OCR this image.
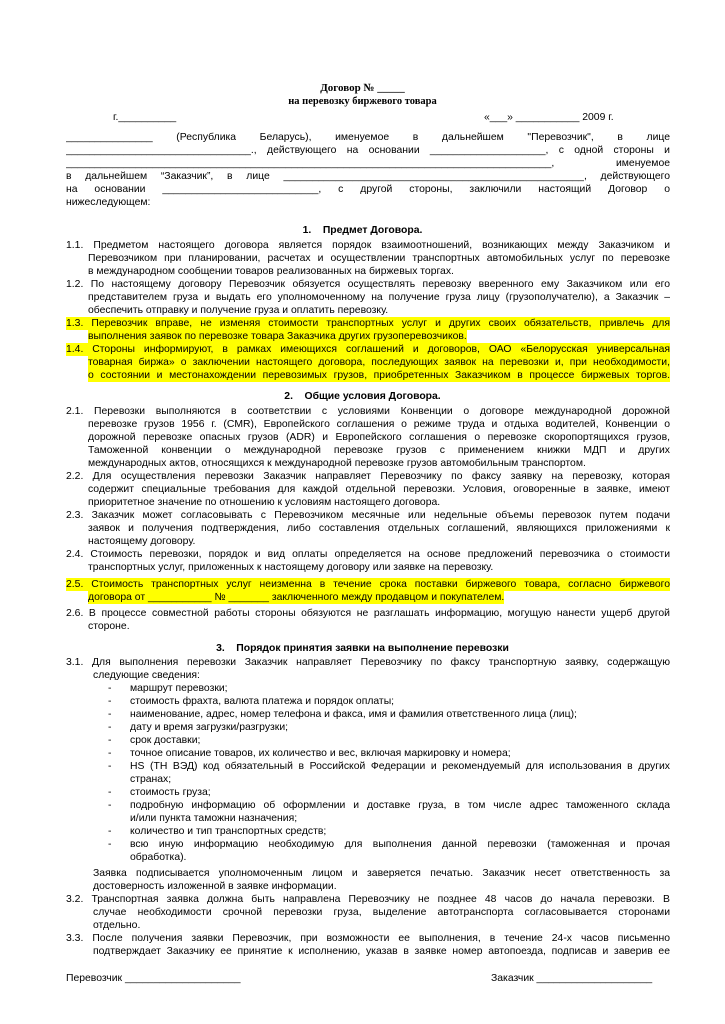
Договор № _____
на перевозку биржевого товара
г.__________	«___» ___________ 2009 г.
_______________ (Республика Беларусь), именуемое в дальнейшем "Перевозчик", в лице
________________________________., действующего на основании ____________________, с одной стороны и
____________________________________________________________________________________, именуемое
в дальнейшем “Заказчик”, в лице ____________________________________________________, действующего
на основании ___________________________, с другой стороны, заключили настоящий Договор о
нижеследующем:
1.    Предмет Договора.
1.1. Предметом настоящего договора является порядок взаимоотношений, возникающих между Заказчиком и
Перевозчиком при планировании, расчетах и осуществлении транспортных автомобильных услуг по перевозке
в международном сообщении товаров реализованных на биржевых торгах.
1.2. По настоящему договору Перевозчик обязуется осуществлять перевозку вверенного ему Заказчиком или его
представителем груза и выдать его уполномоченному на получение груза лицу (грузополучателю), а Заказчик –
обеспечить отправку и получение груза и оплатить перевозку.
1.3. Перевозчик вправе, не изменяя стоимости транспортных услуг и других своих обязательств, привлечь для
выполнения заявок по перевозке товара Заказчика других грузоперевозчиков.
1.4. Стороны информируют, в рамках имеющихся соглашений и договоров, ОАО «Белорусская универсальная
товарная биржа» о заключении настоящего договора, последующих заявок на перевозки и, при необходимости,
о состоянии и местонахождении перевозимых грузов, приобретенных Заказчиком в процессе биржевых торгов.
2.    Общие условия Договора.
2.1. Перевозки выполняются в соответствии с условиями Конвенции о договоре международной дорожной
перевозке грузов 1956 г. (CMR), Европейского соглашения о режиме труда и отдыха водителей, Конвенции о
дорожной перевозке опасных грузов (ADR) и Европейского соглашения о перевозке скоропортящихся грузов,
Таможенной конвенции о международной перевозке грузов с применением книжки МДП и других
международных актов, относящихся к международной перевозке грузов автомобильным транспортом.
2.2. Для осуществления перевозки Заказчик направляет Перевозчику по факсу заявку на перевозку, которая
содержит специальные требования для каждой отдельной перевозки. Условия, оговоренные в заявке, имеют
приоритетное значение по отношению к условиям настоящего договора.
2.3. Заказчик может согласовывать с Перевозчиком месячные или недельные объемы перевозок путем подачи
заявок и получения подтверждения, либо составления отдельных соглашений, являющихся приложениями к
настоящему договору.
2.4. Стоимость перевозки, порядок и вид оплаты определяется на основе предложений перевозчика о стоимости
транспортных услуг, приложенных к настоящему договору или заявке на перевозку.
2.5. Стоимость транспортных услуг неизменна в течение срока поставки биржевого товара, согласно биржевого
договора от ___________ № _______ заключенного между продавцом и покупателем.
2.6. В процессе совместной работы стороны обязуются не разглашать информацию, могущую нанести ущерб другой
стороне.
3.    Порядок принятия заявки на выполнение перевозки
3.1. Для выполнения перевозки Заказчик направляет Перевозчику по факсу транспортную заявку, содержащую
следующие сведения:
- маршрут перевозки;
- стоимость фрахта, валюта платежа и порядок оплаты;
- наименование, адрес, номер телефона и факса, имя и фамилия ответственного лица (лиц);
- дату и время загрузки/разгрузки;
- срок доставки;
- точное описание товаров, их количество и вес, включая маркировку и номера;
- HS (ТН ВЭД) код обязательный в Российской Федерации и рекомендуемый для использования в других
странах;
- стоимость груза;
- подробную информацию об оформлении и доставке груза, в том числе адрес таможенного склада
и/или пункта таможни назначения;
- количество и тип транспортных средств;
- всю иную информацию необходимую для выполнения данной перевозки (таможенная и прочая
обработка).
Заявка подписывается уполномоченным лицом и заверяется печатью. Заказчик несет ответственность за
достоверность изложенной в заявке информации.
3.2. Транспортная заявка должна быть направлена Перевозчику не позднее 48 часов до начала перевозки. В
случае необходимости срочной перевозки груза, выделение автотранспорта согласовывается сторонами
отдельно.
3.3. После получения заявки Перевозчик, при возможности ее выполнения, в течение 24-х часов письменно
подтверждает Заказчику ее принятие к исполнению, указав в заявке номер автопоезда, подписав и заверив ее
Перевозчик ____________________	Заказчик ____________________
